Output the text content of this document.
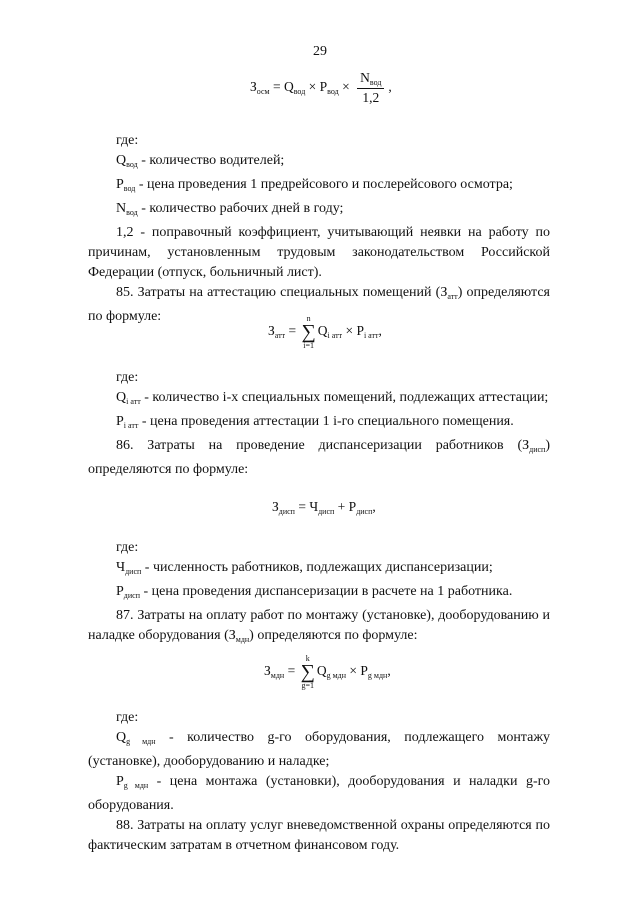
29
$З_{осм} = Q_{вод} \times P_{вод} \times \frac{N_{вод}}{1,2}$ ,
где:
$Q_{вод}$ - количество водителей;
$P_{вод}$ - цена проведения 1 предрейсового и послерейсового осмотра;
$N_{вод}$ - количество рабочих дней в году;
1,2 - поправочный коэффициент, учитывающий неявки на работу по причинам, установленным трудовым законодательством Российской Федерации (отпуск, больничный лист).
85. Затраты на аттестацию специальных помещений $(З_{атт})$ определяются по формуле:
$З_{атт} = n$
∑
$i=1Q_{i атт} \times P_{i атт}$,
где:
$Q_{i атт}$ - количество i-х специальных помещений, подлежащих аттестации;
$P_{i атт}$ - цена проведения аттестации 1 i-го специального помещения.
86. Затраты на проведение диспансеризации работников $(З_{дисп})$ определяются по формуле:
$З_{дисп} = Ч_{дисп} + P_{дисп}$,
где:
$Ч_{дисп}$ - численность работников, подлежащих диспансеризации;
$P_{дисп}$ - цена проведения диспансеризации в расчете на 1 работника.
87. Затраты на оплату работ по монтажу (установке), дооборудованию и наладке оборудования $(З_{мдн})$ определяются по формуле:
$З_{мдн} = k$
∑
$g=1Q_{g мдн} \times P_{g мдн}$,
где:
$Q_{g мдн}$ - количество g-го оборудования, подлежащего монтажу (установке), дооборудованию и наладке;
$P_{g мдн}$ - цена монтажа (установки), дооборудования и наладки g-го оборудования.
88. Затраты на оплату услуг вневедомственной охраны определяются по фактическим затратам в отчетном финансовом году.
